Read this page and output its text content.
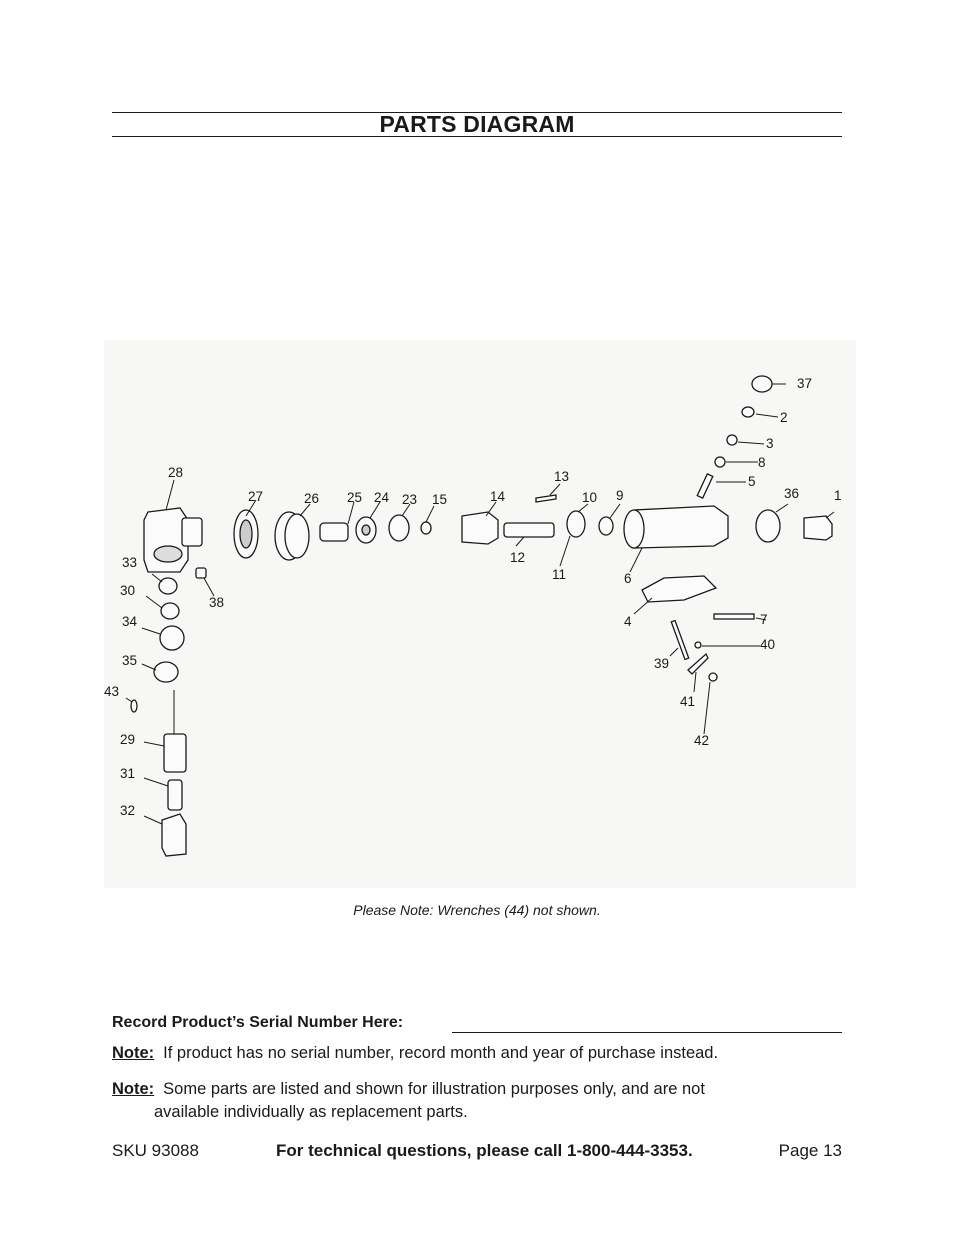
PARTS DIAGRAM
37
2
3
8
5
36	1
28
27	26 25 24 23 15	14
13
10 9
12
11	6
33
38
30
34
35
43
29
31
32
4	7
39
40
41
42
Please Note: Wrenches (44) not shown.
Record Product’s Serial Number Here:
Note: If product has no serial number, record month and year of purchase instead.
Note: Some parts are listed and shown for illustration purposes only, and are not
available individually as replacement parts.
SKU 93088	For technical questions, please call 1-800-444-3353.	Page 13
